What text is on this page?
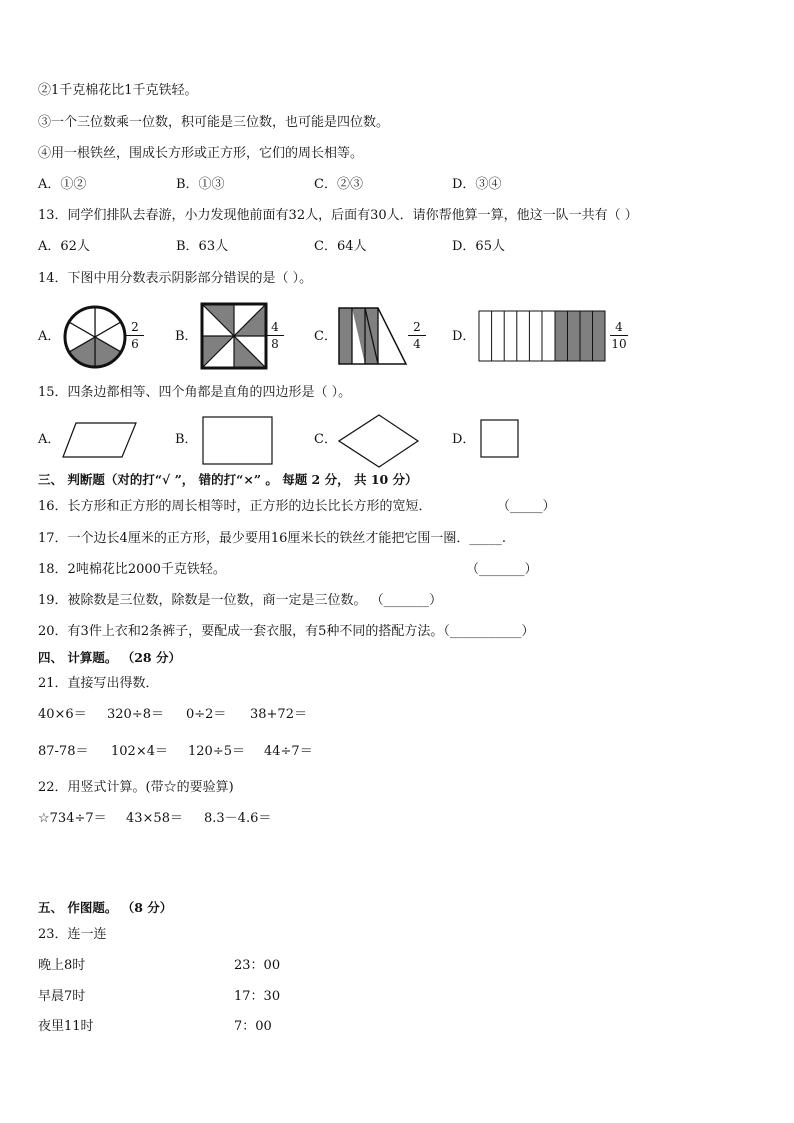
②1千克棉花比1千克铁轻。
③一个三位数乘一位数，积可能是三位数，也可能是四位数。
④用一根铁丝，围成长方形或正方形，它们的周长相等。
A．①②	B．①③	C．②③	D．③④
13．同学们排队去春游，小力发现他前面有32人，后面有30人．请你帮他算一算，他这一队一共有（ ）
A．62人	B．63人	C．64人	D．65人
14．下图中用分数表示阴影部分错误的是（ ）。
A．
2
6	B．
4
8	C．
2
4	D．
4
10
15．四条边都相等、四个角都是直角的四边形是（ ）。
A．	B．	C．	D．
三、 判断题（对的打“√ ”， 错的打“×” 。 每题 2 分， 共 10 分）
16．长方形和正方形的周长相等时，正方形的边长比长方形的宽短．	（_____）
17．一个边长4厘米的正方形，最少要用16厘米长的铁丝才能把它围一圈．_____.
18．2吨棉花比2000千克铁轻。	（_______）
19．被除数是三位数，除数是一位数，商一定是三位数。 （_______）
20．有3件上衣和2条裤子，要配成一套衣服，有5种不同的搭配方法。（___________）
四、 计算题。 （28 分）
21．直接写出得数．
40×6＝ 320÷8＝ 0÷2＝ 38+72＝
87-78＝ 102×4＝ 120÷5＝ 44÷7＝
22．用竖式计算。(带☆的要验算)
☆734÷7＝ 43×58＝ 8.3－4.6＝
五、 作图题。 （8 分）
23．连一连
晚上8时	23：00
早晨7时	17：30
夜里11时	7：00
